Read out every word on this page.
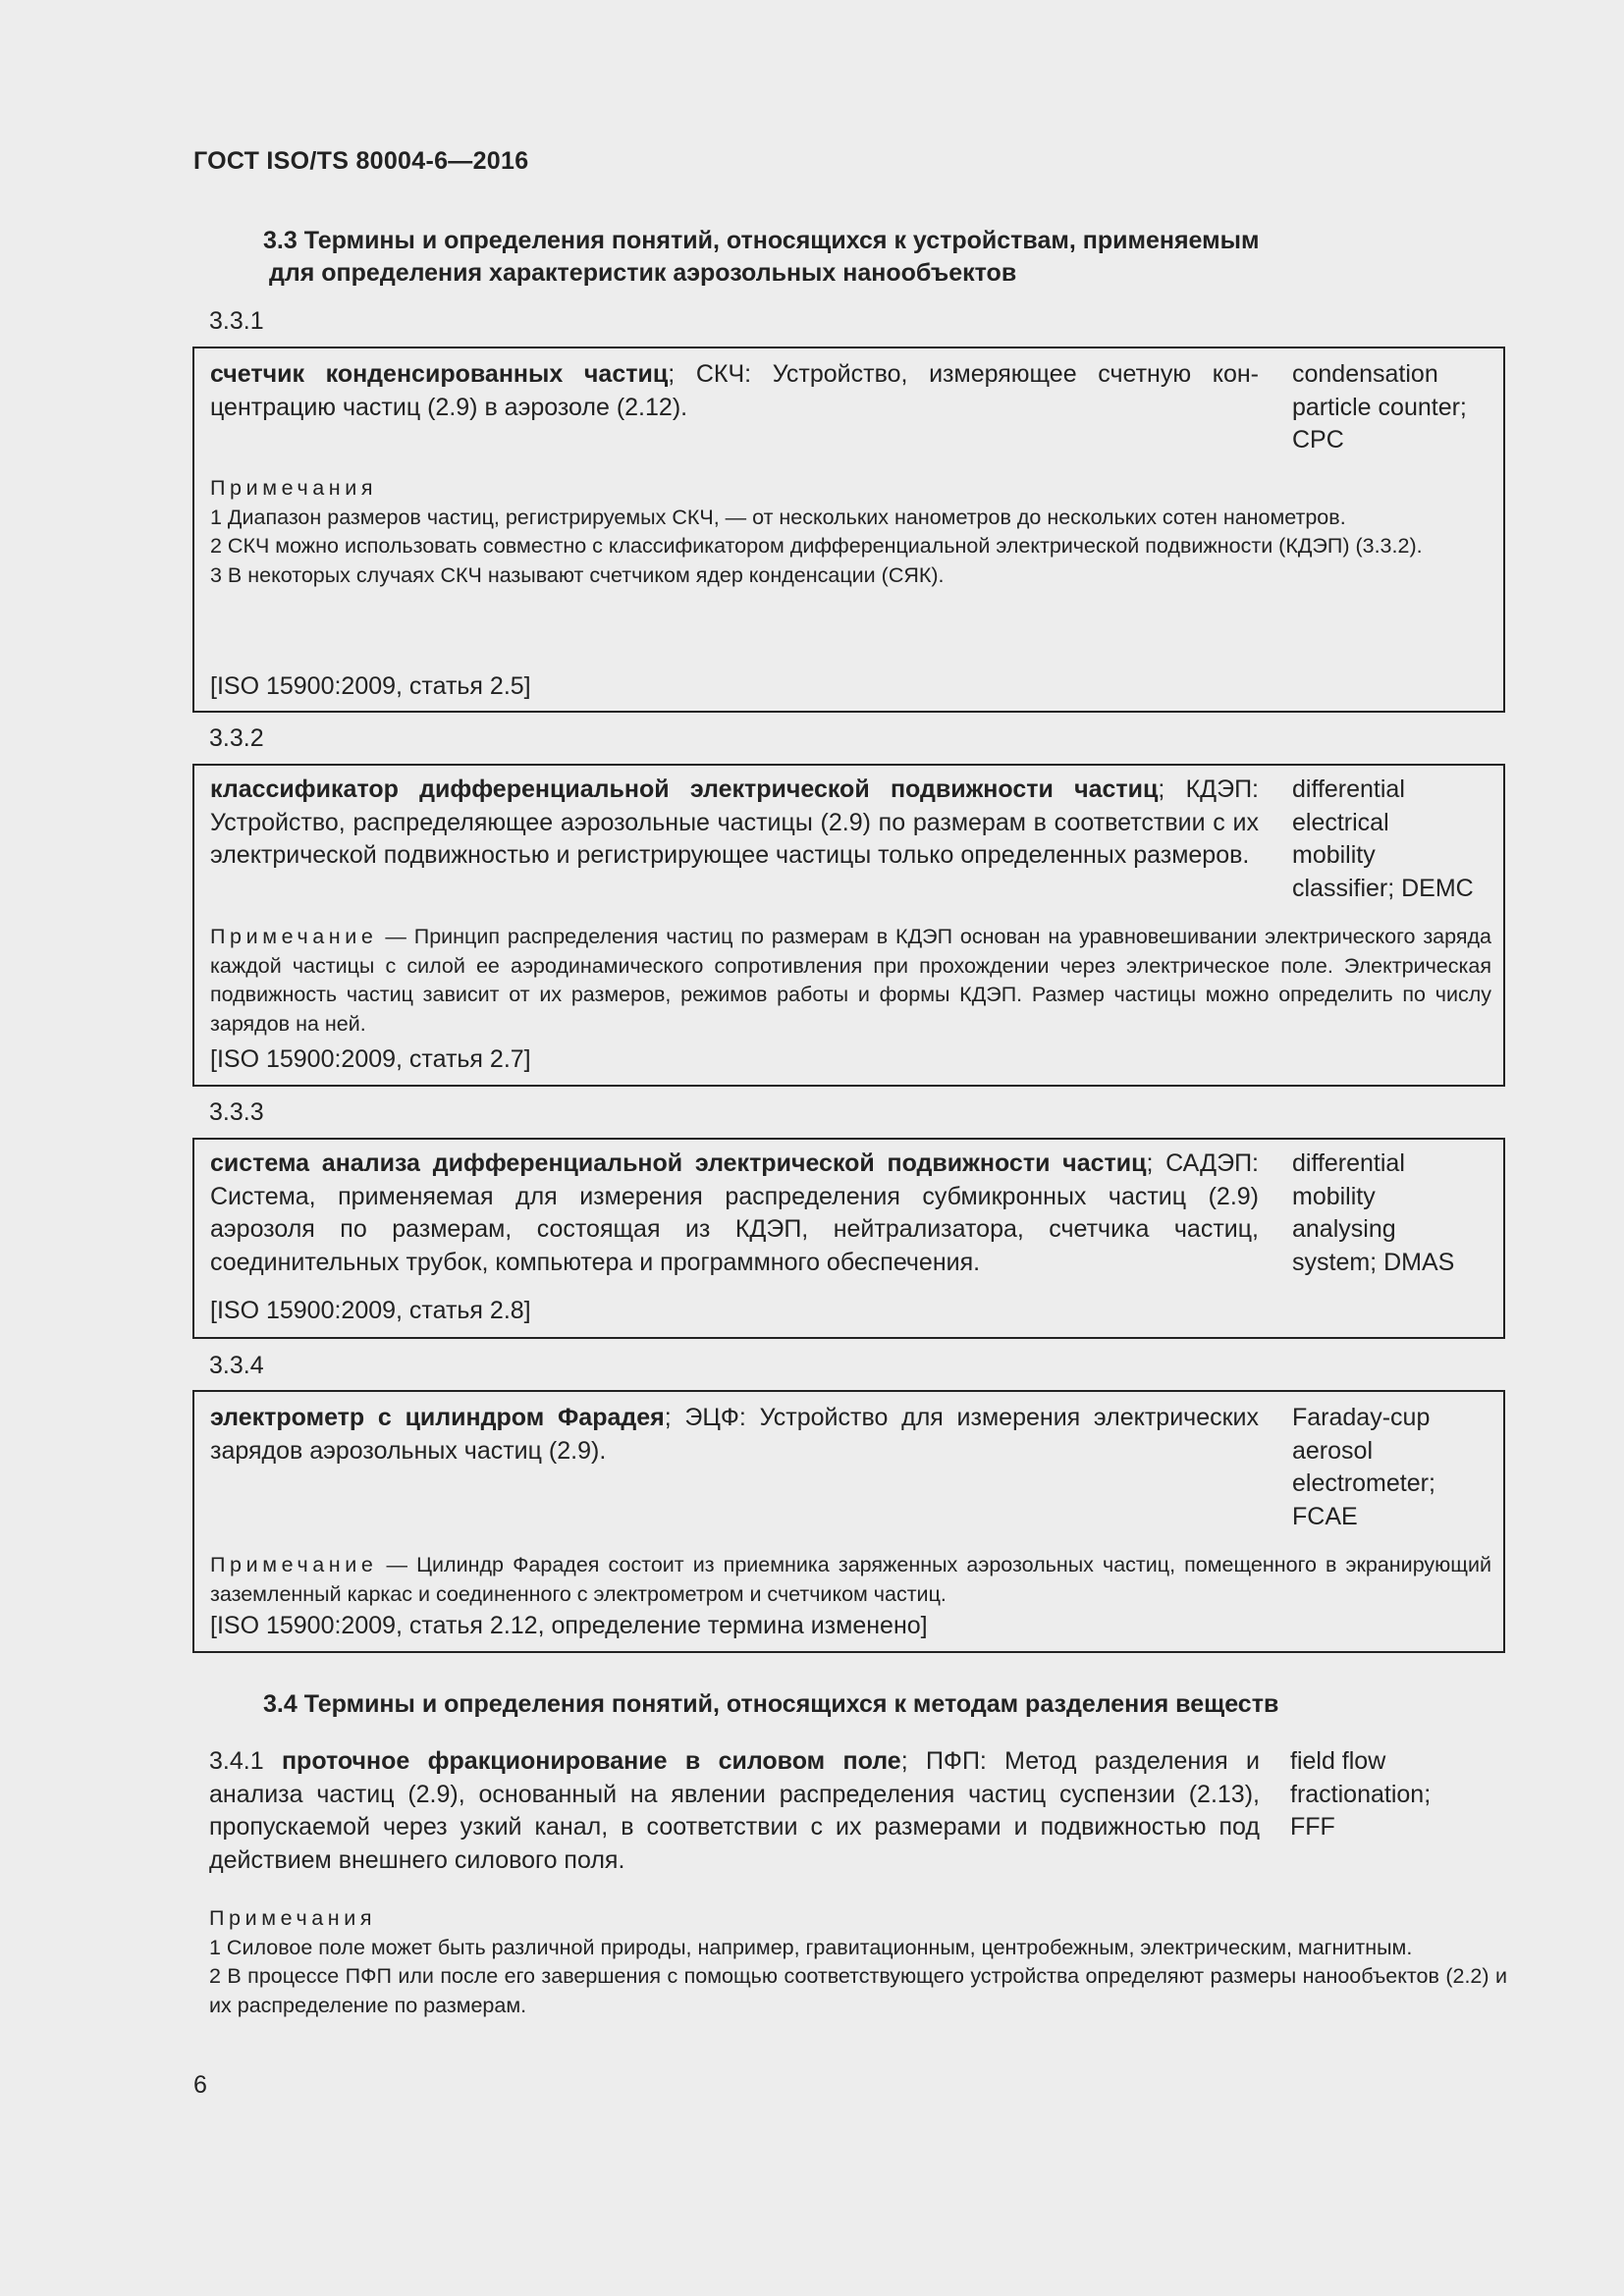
ГОСТ ISO/TS 80004-6—2016
3.3 Термины и определения понятий, относящихся к устройствам, применяемым
для определения характеристик аэрозольных нанообъектов
3.3.1
счетчик конденсированных частиц; СКЧ: Устройство, измеряющее счетную концентрацию частиц (2.9) в аэрозоле (2.12).
condensation
particle counter;
CPC

Примечания

1 Диапазон размеров частиц, регистрируемых СКЧ, — от нескольких нанометров до нескольких сотен нанометров.

2 СКЧ можно использовать совместно с классификатором дифференциальной электрической подвижности (КДЭП) (3.3.2).

3 В некоторых случаях СКЧ называют счетчиком ядер конденсации (СЯК).

[ISO 15900:2009, статья 2.5]
3.3.2
классификатор дифференциальной электрической подвижности частиц; КДЭП: Устройство, распределяющее аэрозольные частицы (2.9) по размерам в соответствии с их электрической подвижностью и регистрирующее частицы только определенных размеров.
differential
electrical
mobility
classifier; DEMC
Примечание — Принцип распределения частиц по размерам в КДЭП основан на уравновешивании электрического заряда каждой частицы с силой ее аэродинамического сопротивления при прохождении через электрическое поле. Электрическая подвижность частиц зависит от их размеров, режимов работы и формы КДЭП. Размер частицы можно определить по числу зарядов на ней.
[ISO 15900:2009, статья 2.7]
3.3.3
система анализа дифференциальной электрической подвижности частиц; САДЭП: Система, применяемая для измерения распределения субмикронных частиц (2.9) аэрозоля по размерам, состоящая из КДЭП, нейтрализатора, счетчика частиц, соединительных трубок, компьютера и программного обеспечения.
differential
mobility
analysing
system; DMAS
[ISO 15900:2009, статья 2.8]
3.3.4
электрометр с цилиндром Фарадея; ЭЦФ: Устройство для измерения электрических зарядов аэрозольных частиц (2.9).
Faraday-cup
aerosol
electrometer;
FCAE
Примечание — Цилиндр Фарадея состоит из приемника заряженных аэрозольных частиц, помещенного в экранирующий заземленный каркас и соединенного с электрометром и счетчиком частиц.
[ISO 15900:2009, статья 2.12, определение термина изменено]
3.4 Термины и определения понятий, относящихся к методам разделения веществ
3.4.1 проточное фракционирование в силовом поле; ПФП: Метод разделения и анализа частиц (2.9), основанный на явлении распределения частиц суспензии (2.13), пропускаемой через узкий канал, в соответствии с их размерами и подвижностью под действием внешнего силового поля.
field flow
fractionation;
FFF

Примечания

1 Силовое поле может быть различной природы, например, гравитационным, центробежным, электрическим, магнитным.

2 В процессе ПФП или после его завершения с помощью соответствующего устройства определяют размеры нанообъектов (2.2) и их распределение по размерам.

6
